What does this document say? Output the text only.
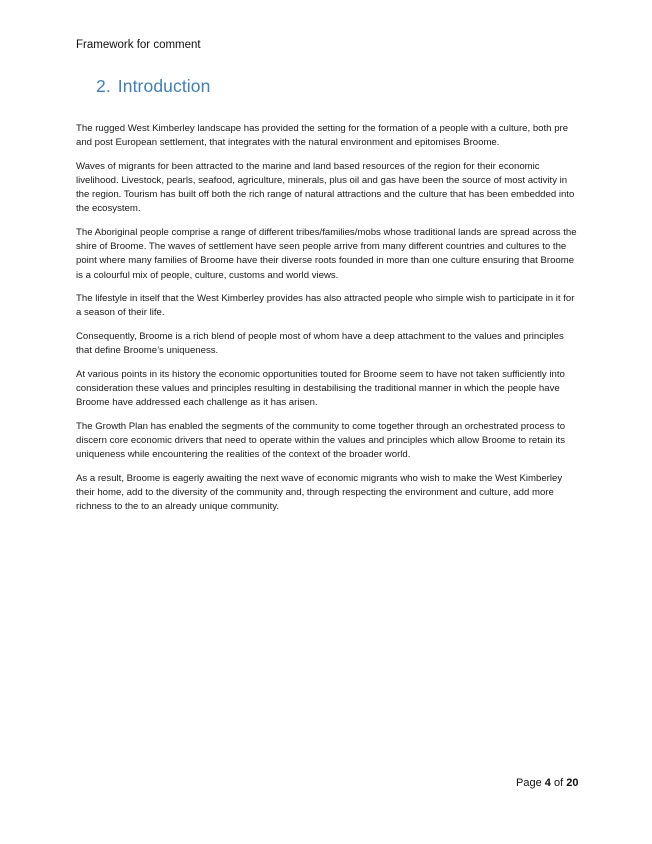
Framework for comment
2. Introduction

The rugged West Kimberley landscape has provided the setting for the formation of a people with a culture, both pre and post European settlement, that integrates with the natural environment and epitomises Broome.

Waves of migrants for been attracted to the marine and land based resources of the region for their economic livelihood. Livestock, pearls, seafood, agriculture, minerals, plus oil and gas have been the source of most activity in the region. Tourism has built off both the rich range of natural attractions and the culture that has been embedded into the ecosystem.

The Aboriginal people comprise a range of different tribes/families/mobs whose traditional lands are spread across the shire of Broome. The waves of settlement have seen people arrive from many different countries and cultures to the point where many families of Broome have their diverse roots founded in more than one culture ensuring that Broome is a colourful mix of people, culture, customs and world views.

The lifestyle in itself that the West Kimberley provides has also attracted people who simple wish to participate in it for a season of their life.

Consequently, Broome is a rich blend of people most of whom have a deep attachment to the values and principles that define Broome’s uniqueness.

At various points in its history the economic opportunities touted for Broome seem to have not taken sufficiently into consideration these values and principles resulting in destabilising the traditional manner in which the people have Broome have addressed each challenge as it has arisen.

The Growth Plan has enabled the segments of the community to come together through an orchestrated process to discern core economic drivers that need to operate within the values and principles which allow Broome to retain its uniqueness while encountering the realities of the context of the broader world.

As a result, Broome is eagerly awaiting the next wave of economic migrants who wish to make the West Kimberley their home, add to the diversity of the community and, through respecting the environment and culture, add more richness to the to an already unique community.

Page 4 of 20
